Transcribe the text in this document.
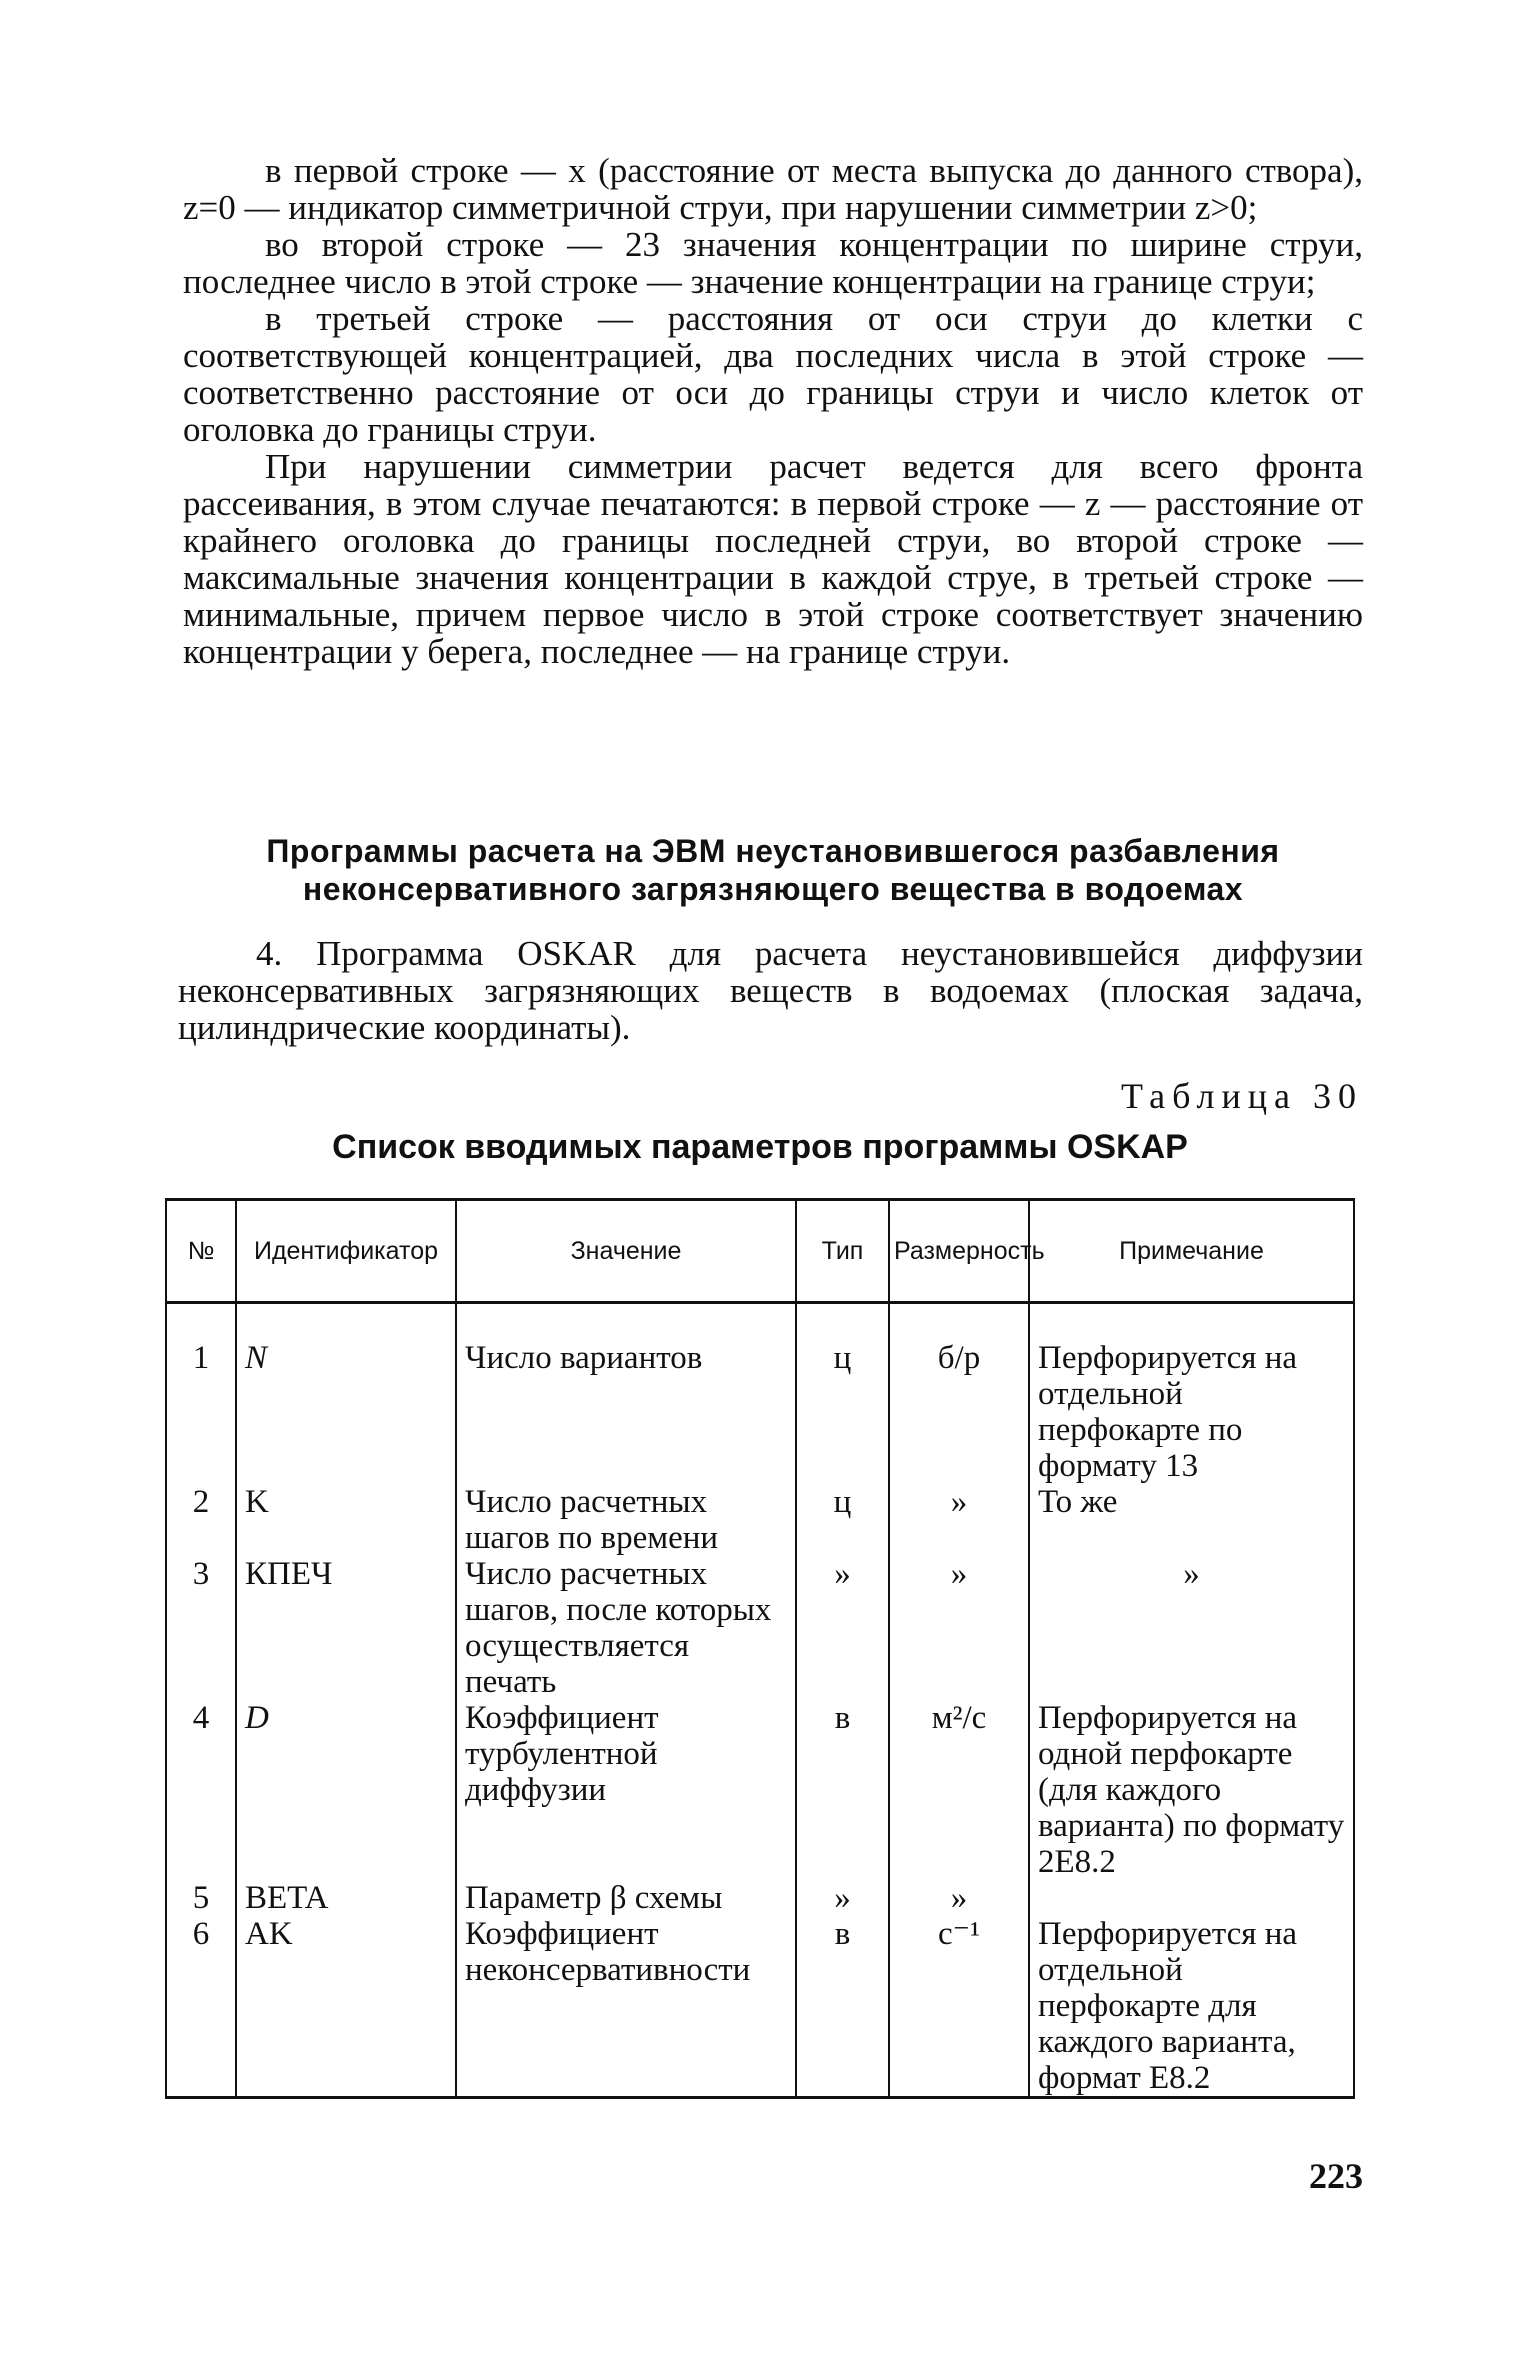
в первой строке — x (расстояние от места выпуска до данного створа), z=0 — индикатор симметричной струи, при нарушении симметрии z>0;

во второй строке — 23 значения концентрации по ширине струи, последнее число в этой строке — значение концентрации на границе струи;

в третьей строке — расстояния от оси струи до клетки с соответствующей концентрацией, два последних числа в этой строке — соответственно расстояние от оси до границы струи и число клеток от оголовка до границы струи.

При нарушении симметрии расчет ведется для всего фронта рассеивания, в этом случае печатаются: в первой строке — z — расстояние от крайнего оголовка до границы последней струи, во второй строке — максимальные значения концентрации в каждой струе, в третьей строке — минимальные, причем первое число в этой строке соответствует значению концентрации у берега, последнее — на границе струи.

Программы расчета на ЭВМ неустановившегося разбавления
неконсервативного загрязняющего вещества в водоемах

4. Программа OSKAR для расчета неустановившейся диффузии неконсервативных загрязняющих веществ в водоемах (плоская задача, цилиндрические координаты).

Таблица 30
Список вводимых параметров программы OSKAP
№	Идентификатор	Значение	Тип	Размерность	Примечание
1	N	Число вариантов	ц	б/р	Перфорируется на отдельной перфокарте по формату 13
2	K	Число расчетных шагов по времени	ц	»	То же
3	КПЕЧ	Число расчетных шагов, после которых осуществляется печать	»	»	»
4	D	Коэффициент турбулентной диффузии	в	м²/с	Перфорируется на одной перфокарте (для каждого варианта) по формату 2E8.2
5	BETA	Параметр β схемы	»	»	
6	AK	Коэффициент неконсервативности	в	с⁻¹	Перфорируется на отдельной перфокарте для каждого варианта, формат E8.2
223
